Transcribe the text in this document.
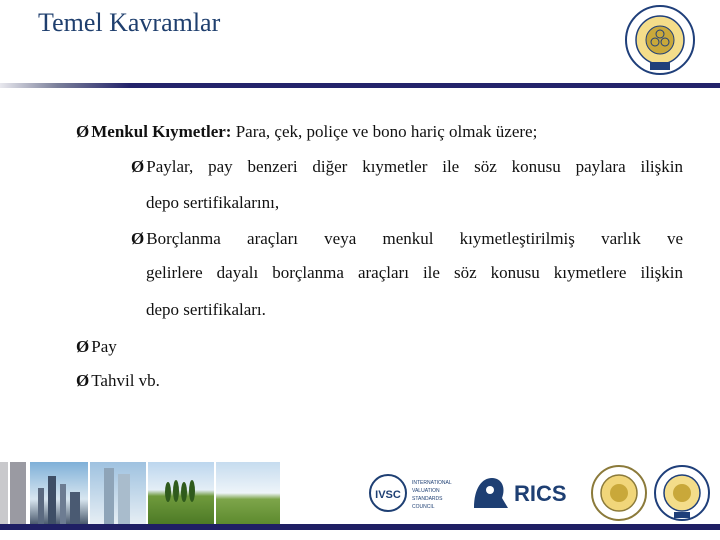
Temel Kavramlar
Ø Menkul Kıymetler: Para, çek, poliçe ve bono hariç olmak üzere;
Ø Paylar, pay benzeri diğer kıymetler ile söz konusu paylara ilişkin
depo sertifikalarını,
Ø Borçlanma araçları veya menkul kıymetleştirilmiş varlık ve
gelirlere dayalı borçlanma araçları ile söz konusu kıymetlere ilişkin
depo sertifikaları.
Ø Pay
Ø Tahvil vb.
IVSC
INTERNATIONAL
VALUATION
STANDARDS
COUNCIL
RICS
